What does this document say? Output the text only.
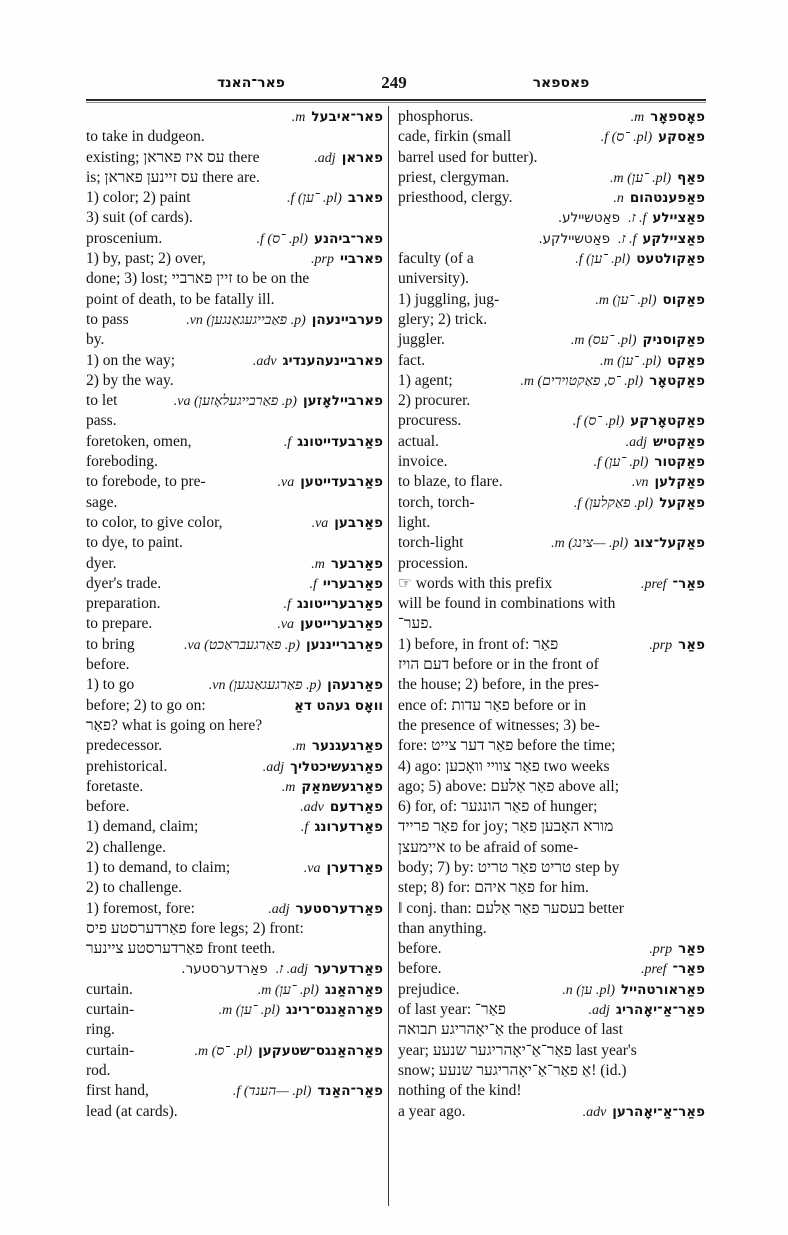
פאר־האנד	249	פאספאר
פאר־איבעלm.
to take in dudgeon.
existing; עס איז פאראן there	פאראןadj.
is; עס זיינען פאראן there are.
1) color; 2) paint	פארב(pl. ־ען) f.
3) suit (of cards).
proscenium.	פאר־ביהנע(pl. ־ס) f.
1) by, past; 2) over,	פארבייprp.
done; 3) lost; זיין פארביי to be on the
point of death, to be fatally ill.
to pass	פערביינעהן(p. פאַבייגעגאַנגען) vn.
by.
1) on the way;	פארביינעהענדיגadv.
2) by the way.
to let	פארביילאָזען(p. פאַרבייגעלאָזען) va.
pass.
foretoken, omen,	פאַרבעדייטונגf.
foreboding.
to forebode, to pre-	פאַרבעדייטעןva.
sage.
to color, to give color,	פאַרבעןva.
to dye, to paint.
dyer.	פאַרבערm.
dyer's trade.	פאַרבערייf.
preparation.	פאַרבערייטונגf.
to prepare.	פאַרבערייטעןva.
to bring	פאַרברייננען(p. פאַרגעבראַכט) va.
before.
1) to go	פאַרנעהן(p. פאַרגעגאַנגען) vn.
before; 2) to go on:	וואָס געהט דאַ
פאַר? what is going on here?
predecessor.	פאַרגעגנערm.
prehistorical.	פאַרגעשיכטליךadj.
foretaste.	פאַרגעשמאַקm.
before.	פאַרדעםadv.
1) demand, claim;	פאַרדערונגf.
2) challenge.
1) to demand, to claim;	פאַרדערןva.
2) to challenge.
1) foremost, fore:	פאַרדערסטערadj.
פאַרדערסטע פיס fore legs; 2) front:
פאַרדערסטע ציינער front teeth.
פאַרדערערadj. ז.פאַרדערסטער.
curtain.	פאַרהאַנג(pl. ־ען) m.
curtain-	פאַרהאַנגס־רינג(pl. ־ען) m.
ring.
curtain-	פאַרהאַנגס־שטעקען(pl. ־ס) m.
rod.
first hand,	פאַר־האַנד(pl. —הענד) f.
lead (at cards).
phosphorus.	פאָספאָרm.
cade, firkin (small	פאַסקע(pl. ־ס) f.
barrel used for butter).
priest, clergyman.	פאַף(pl. ־ען) m.
priesthood, clergy.	פאַפענטהוםn.
פאַציילעf. ז.פאַטשיילע.
פאַציילקעf. ז.פאַטשיילקע.
faculty (of a	פאַקולטעט(pl. ־ען) f.
university).
1) juggling, jug-	פאַקוס(pl. ־ען) m.
glery; 2) trick.
juggler.	פאַקוסניק(pl. ־עס) m.
fact.	פאַקט(pl. ־ען) m.
1) agent;	פאַקטאָר(pl. ־ס, פאַקטוירים) m.
2) procurer.
procuress.	פאַקטאָרקע(pl. ־ס) f.
actual.	פאַקטישadj.
invoice.	פאַקטור(pl. ־ען) f.
to blaze, to flare.	פאַקלעןvn.
torch, torch-	פאַקעל(pl. פאַקלען) f.
light.
torch-light	פאַקעל־צוג(pl. —צינג) m.
procession.
☞ words with this prefix	פאַר־pref.
will be found in combinations with
פער־.
1) before, in front of: פאַר	פאַרprp.
דעם הויז before or in the front of
the house; 2) before, in the pres-
ence of: פאַר עדות before or in
the presence of witnesses; 3) be-
fore: פאַר דער צייט before the time;
4) ago: פאַר צוויי וואָכען two weeks
ago; 5) above: פאַר אַלעם above all;
6) for, of: פאַר הונגער of hunger;
פאַר פרייד for joy; מורא האָבען פאַר
איימעצן to be afraid of some-
body; 7) by: טריט פאַר טריט step by
step; 8) for: פאַר איהם for him.
‖ conj. than: בעסער פאַר אַלעם better
than anything.
before.	פאַרprp.
before.	פאַר־pref.
prejudice.	פאַראורטהייל(pl. ען) n.
of last year: פאַר־	פאַר־אַ־יאָהריגadj.
אַ־יאָהריגע תבואה the produce of last
year; פאַר־אַ־יאָהריגער שנעע last year's
snow; אַ פאַר־אַ־יאָהריגער שנעע! (id.)
nothing of the kind!
a year ago.	פאַר־אַ־יאָהרעןadv.
